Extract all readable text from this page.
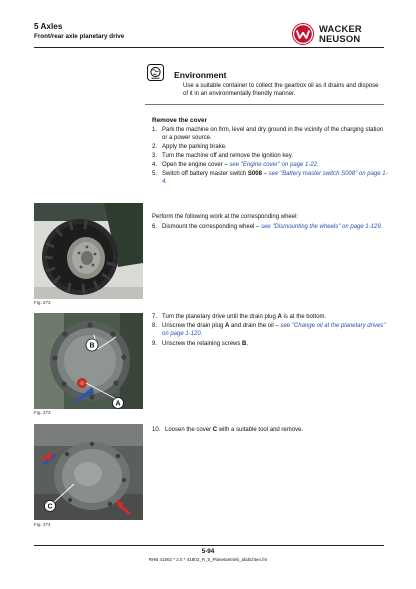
5 Axles
Front/rear axle planetary drive
WACKER
NEUSON
Environment
Use a suitable container to collect the gearbox oil as it drains and dispose of it in an environmentally friendly manner.
Remove the cover
1. Park the machine on firm, level and dry ground in the vicinity of the charging station or a power source.
2. Apply the parking brake.
3. Turn the machine off and remove the ignition key.
4. Open the engine cover – see "Engine cover" on page 1-22.
5. Switch off battery master switch S008 – see "Battery master switch S008" on page 1-4.
Perform the following work at the corresponding wheel:
6. Dismount the corresponding wheel – see "Dismounting the wheels" on page 1-129.
Fig. 272
7. Turn the planetary drive until the drain plug A is at the bottom.
8. Unscrew the drain plug A and drain the oil – see "Change oil at the planetary drives" on page 1-120.
9. Unscrew the retaining screws B.
B
A
Fig. 273
10. Loosen the cover C with a suitable tool and remove.
C
Fig. 274
5-94
RHB 41802 * 2.0 * 41802_R_5_Planetantrieb_abdichten.fm
